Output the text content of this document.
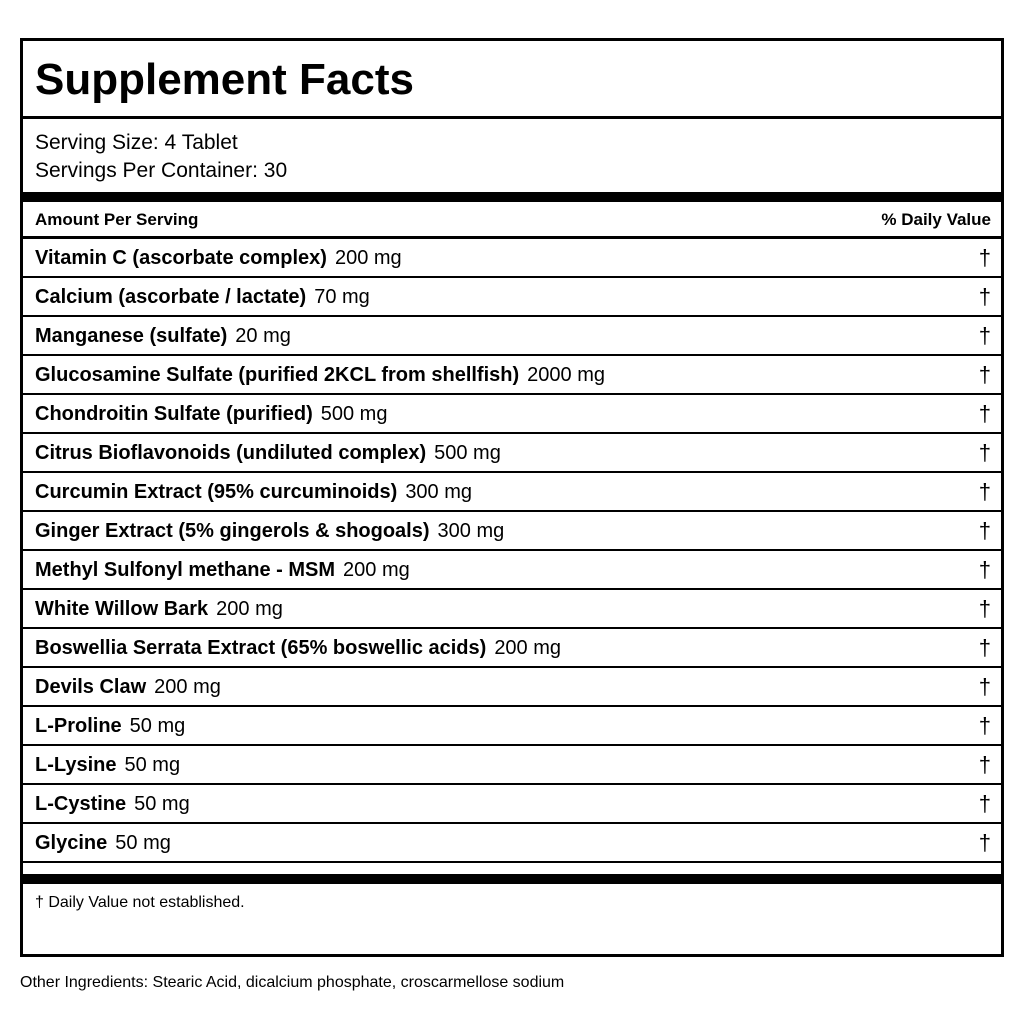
Supplement Facts
Serving Size: 4 Tablet
Servings Per Container: 30
Amount Per Serving	% Daily Value
Vitamin C (ascorbate complex) 200 mg	†
Calcium (ascorbate / lactate) 70 mg	†
Manganese (sulfate) 20 mg	†
Glucosamine Sulfate (purified 2KCL from shellfish) 2000 mg	†
Chondroitin Sulfate (purified) 500 mg	†
Citrus Bioflavonoids (undiluted complex) 500 mg	†
Curcumin Extract (95% curcuminoids) 300 mg	†
Ginger Extract (5% gingerols & shogoals) 300 mg	†
Methyl Sulfonyl methane - MSM 200 mg	†
White Willow Bark 200 mg	†
Boswellia Serrata Extract (65% boswellic acids) 200 mg	†
Devils Claw 200 mg	†
L-Proline 50 mg	†
L-Lysine 50 mg	†
L-Cystine 50 mg	†
Glycine 50 mg	†
† Daily Value not established.
Other Ingredients: Stearic Acid, dicalcium phosphate, croscarmellose sodium
